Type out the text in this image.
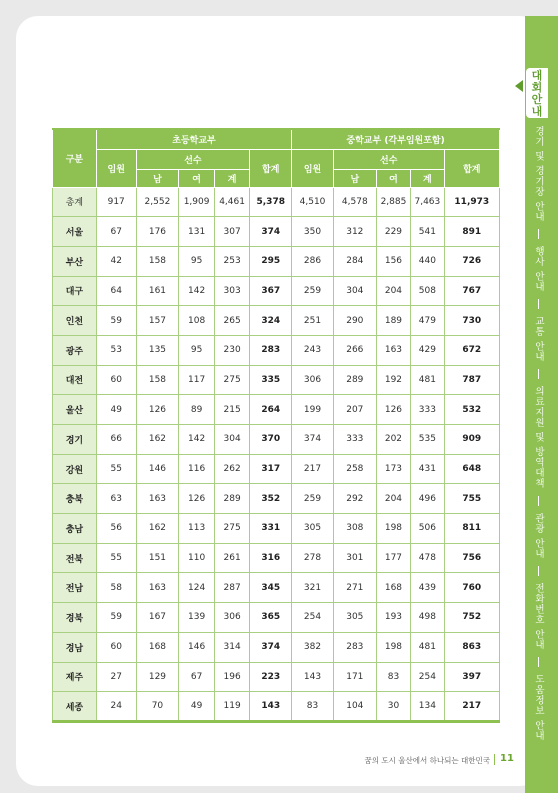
대회안내
경기 및 경기장 안내
행사 안내
교통 안내
의료지원 및 방역대책
관광 안내
전화번호 안내
도움정보 안내
구분	초등학교부					중학교부 (각부임원포함)				
	임원	선수			합계	임원	선수			합계
		남	여	계			남	여	계	
총계	917	2,552	1,909	4,461	5,378	4,510	4,578	2,885	7,463	11,973
서울	67	176	131	307	374	350	312	229	541	891
부산	42	158	95	253	295	286	284	156	440	726
대구	64	161	142	303	367	259	304	204	508	767
인천	59	157	108	265	324	251	290	189	479	730
광주	53	135	95	230	283	243	266	163	429	672
대전	60	158	117	275	335	306	289	192	481	787
울산	49	126	89	215	264	199	207	126	333	532
경기	66	162	142	304	370	374	333	202	535	909
강원	55	146	116	262	317	217	258	173	431	648
충북	63	163	126	289	352	259	292	204	496	755
충남	56	162	113	275	331	305	308	198	506	811
전북	55	151	110	261	316	278	301	177	478	756
전남	58	163	124	287	345	321	271	168	439	760
경북	59	167	139	306	365	254	305	193	498	752
경남	60	168	146	314	374	382	283	198	481	863
제주	27	129	67	196	223	143	171	83	254	397
세종	24	70	49	119	143	83	104	30	134	217
꿈의 도시 울산에서 하나되는 대한민국 11
